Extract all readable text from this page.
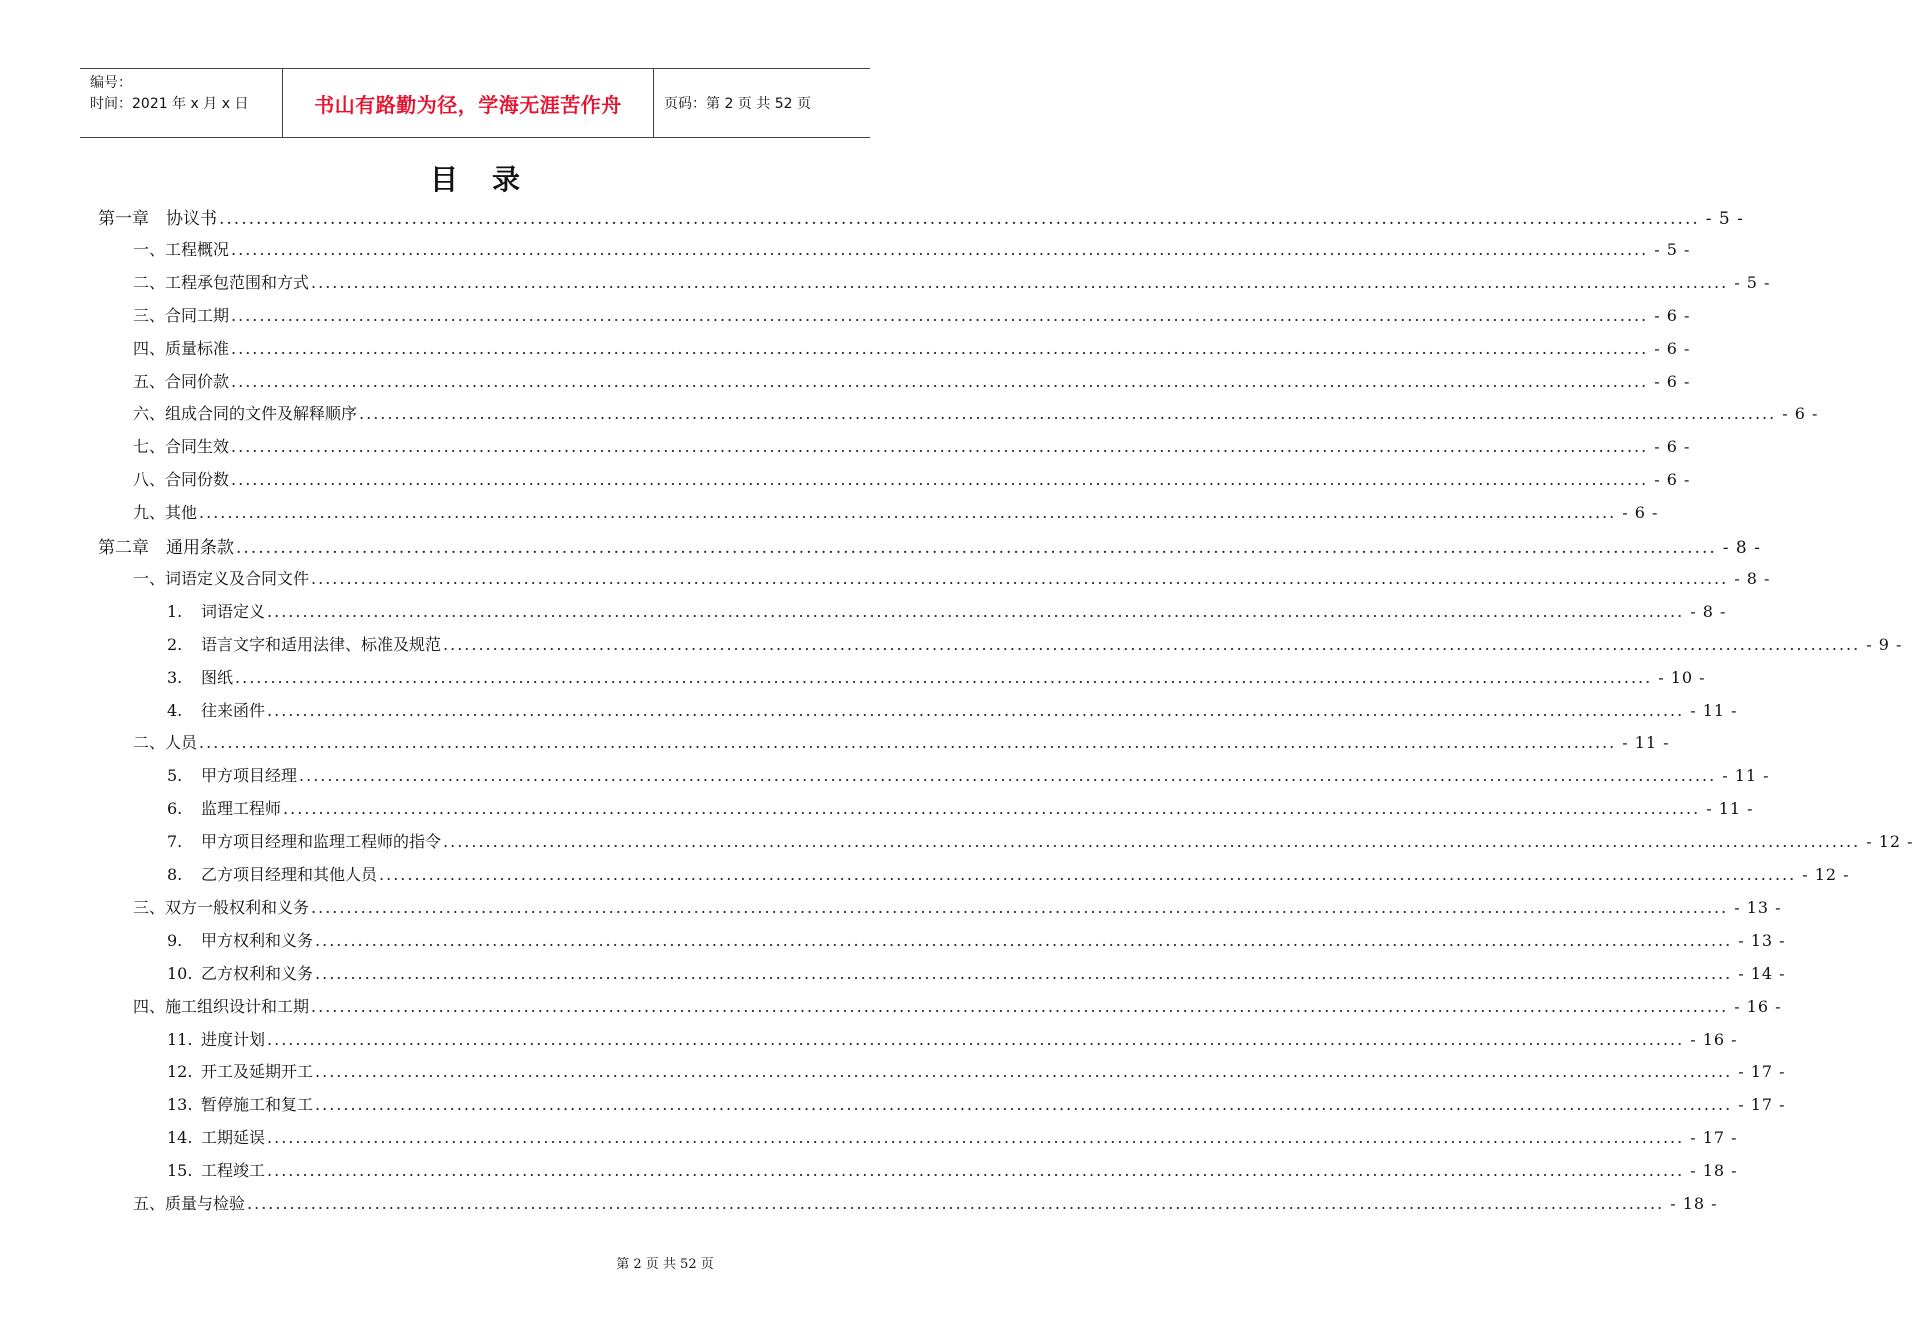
编号：
时间：2021 年 x 月 x 日	书山有路勤为径，学海无涯苦作舟	页码：第 2 页 共 52 页
目录
第一章　协议书 ........................................................................................................................................................................................................ - 5 -
一、工程概况 ........................................................................................................................................................................................................ - 5 -
二、工程承包范围和方式 ........................................................................................................................................................................................................ - 5 -
三、合同工期 ........................................................................................................................................................................................................ - 6 -
四、质量标准 ........................................................................................................................................................................................................ - 6 -
五、合同价款 ........................................................................................................................................................................................................ - 6 -
六、组成合同的文件及解释顺序 ........................................................................................................................................................................................................ - 6 -
七、合同生效 ........................................................................................................................................................................................................ - 6 -
八、合同份数 ........................................................................................................................................................................................................ - 6 -
九、其他 ........................................................................................................................................................................................................ - 6 -
第二章　通用条款 ........................................................................................................................................................................................................ - 8 -
一、词语定义及合同文件 ........................................................................................................................................................................................................ - 8 -
1. 词语定义 ........................................................................................................................................................................................................ - 8 -
2. 语言文字和适用法律、标准及规范 ........................................................................................................................................................................................................ - 9 -
3. 图纸 ........................................................................................................................................................................................................ - 10 -
4. 往来函件 ........................................................................................................................................................................................................ - 11 -
二、人员 ........................................................................................................................................................................................................ - 11 -
5. 甲方项目经理 ........................................................................................................................................................................................................ - 11 -
6. 监理工程师 ........................................................................................................................................................................................................ - 11 -
7. 甲方项目经理和监理工程师的指令 ........................................................................................................................................................................................................ - 12 -
8. 乙方项目经理和其他人员 ........................................................................................................................................................................................................ - 12 -
三、双方一般权利和义务 ........................................................................................................................................................................................................ - 13 -
9. 甲方权利和义务 ........................................................................................................................................................................................................ - 13 -
10. 乙方权利和义务 ........................................................................................................................................................................................................ - 14 -
四、施工组织设计和工期 ........................................................................................................................................................................................................ - 16 -
11. 进度计划 ........................................................................................................................................................................................................ - 16 -
12. 开工及延期开工 ........................................................................................................................................................................................................ - 17 -
13. 暂停施工和复工 ........................................................................................................................................................................................................ - 17 -
14. 工期延误 ........................................................................................................................................................................................................ - 17 -
15. 工程竣工 ........................................................................................................................................................................................................ - 18 -
五、质量与检验 ........................................................................................................................................................................................................ - 18 -
第 2 页 共 52 页
